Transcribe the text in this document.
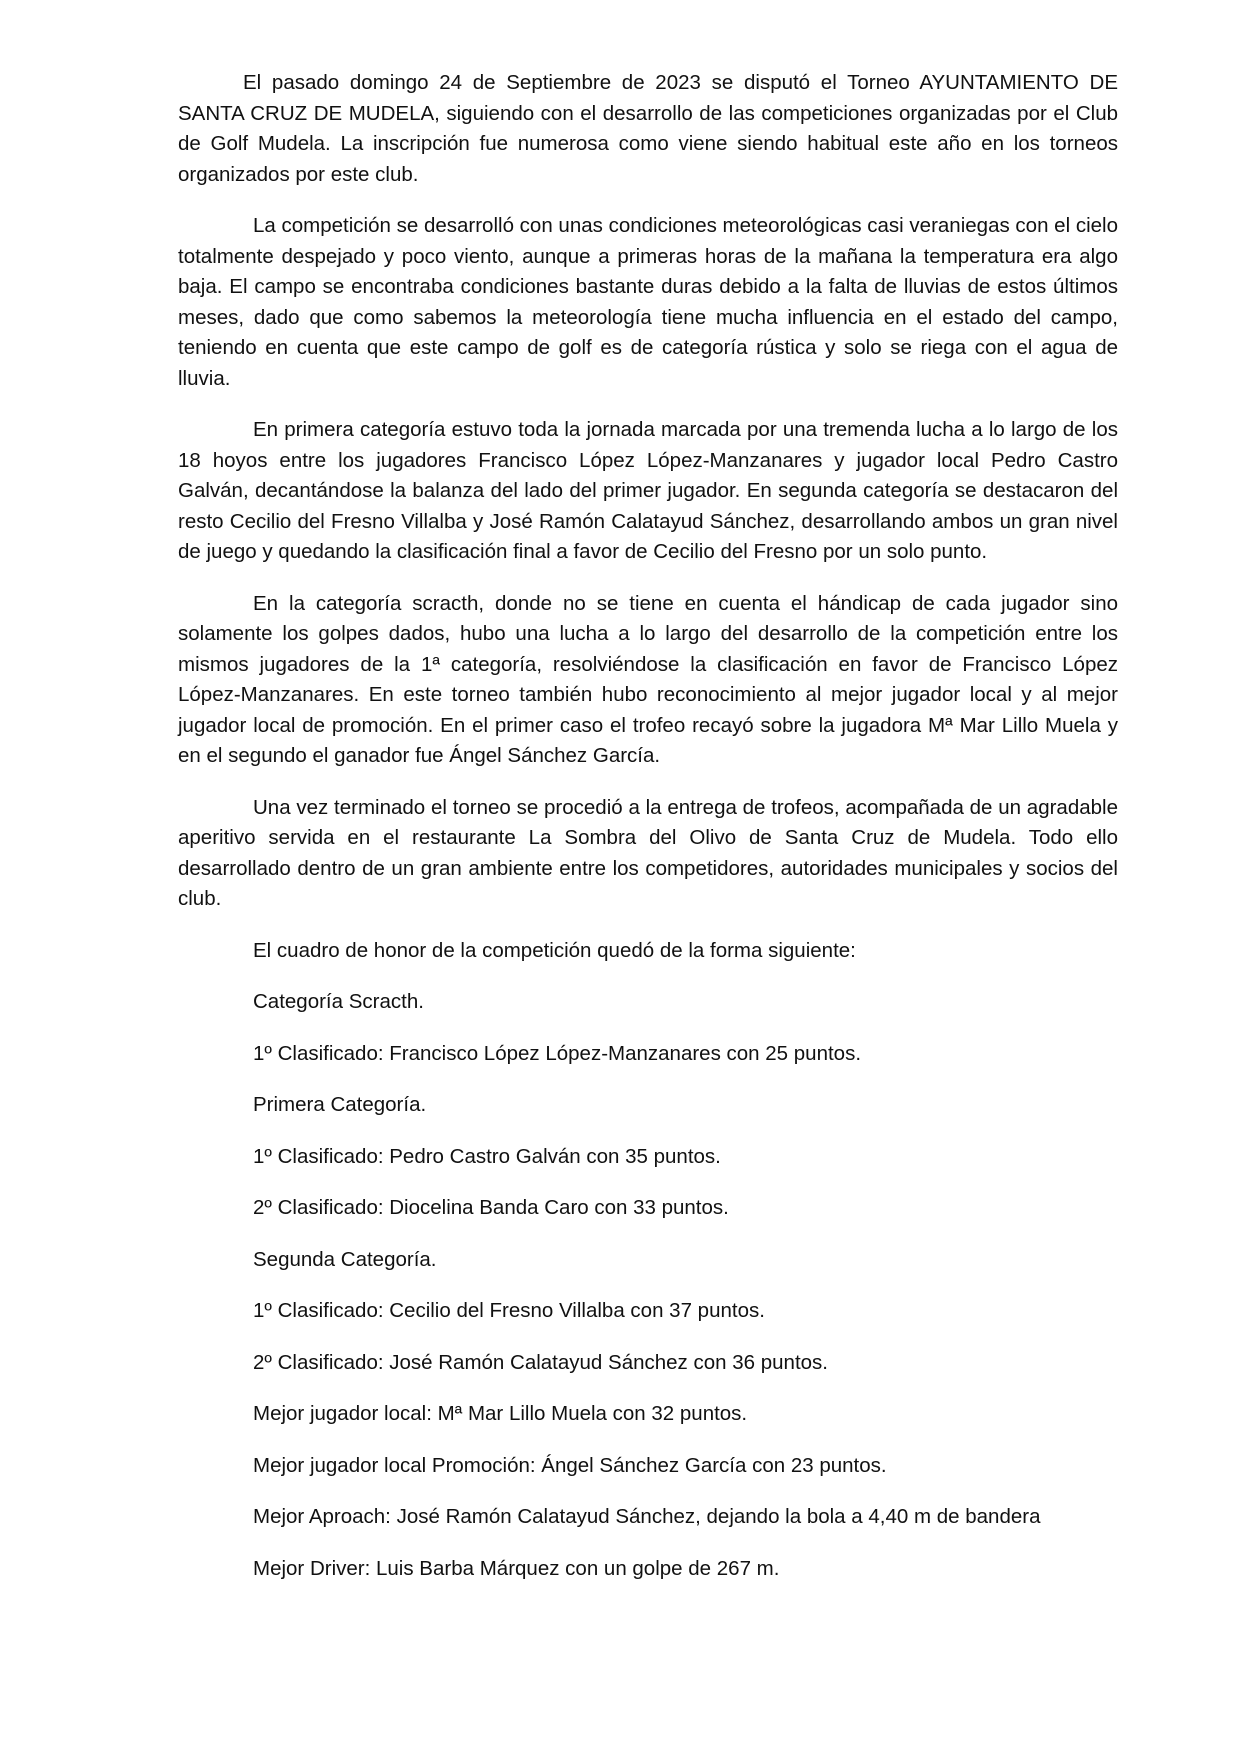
El pasado domingo 24 de Septiembre de 2023 se disputó el Torneo AYUNTAMIENTO DE SANTA CRUZ DE MUDELA, siguiendo con el desarrollo de las competiciones organizadas por el Club de Golf Mudela. La inscripción fue numerosa como viene siendo habitual este año en los torneos organizados por este club.

La competición se desarrolló con unas condiciones meteorológicas casi veraniegas con el cielo totalmente despejado y poco viento, aunque a primeras horas de la mañana la temperatura era algo baja. El campo se encontraba condiciones bastante duras debido a la falta de lluvias de estos últimos meses, dado que como sabemos la meteorología tiene mucha influencia en el estado del campo, teniendo en cuenta que este campo de golf es de categoría rústica y solo se riega con el agua de lluvia.

En primera categoría estuvo toda la jornada marcada por una tremenda lucha a lo largo de los 18 hoyos entre los jugadores Francisco López López-Manzanares y jugador local Pedro Castro Galván, decantándose la balanza del lado del primer jugador. En segunda categoría se destacaron del resto Cecilio del Fresno Villalba y José Ramón Calatayud Sánchez, desarrollando ambos un gran nivel de juego y quedando la clasificación final a favor de Cecilio del Fresno por un solo punto.

En la categoría scracth, donde no se tiene en cuenta el hándicap de cada jugador sino solamente los golpes dados, hubo una lucha a lo largo del desarrollo de la competición entre los mismos jugadores de la 1ª categoría, resolviéndose la clasificación en favor de Francisco López López-Manzanares. En este torneo también hubo reconocimiento al mejor jugador local y al mejor jugador local de promoción. En el primer caso el trofeo recayó sobre la jugadora Mª Mar Lillo Muela y en el segundo el ganador fue Ángel Sánchez García.

Una vez terminado el torneo se procedió a la entrega de trofeos, acompañada de un agradable aperitivo servida en el restaurante La Sombra del Olivo de Santa Cruz de Mudela. Todo ello desarrollado dentro de un gran ambiente entre los competidores, autoridades municipales y socios del club.

El cuadro de honor de la competición quedó de la forma siguiente:

Categoría Scracth.

1º Clasificado: Francisco López López-Manzanares con 25 puntos.

Primera Categoría.

1º Clasificado: Pedro Castro Galván con 35 puntos.

2º Clasificado: Diocelina Banda Caro con 33 puntos.

Segunda Categoría.

1º Clasificado: Cecilio del Fresno Villalba con 37 puntos.

2º Clasificado: José Ramón Calatayud Sánchez con 36 puntos.

Mejor jugador local: Mª Mar Lillo Muela con 32 puntos.

Mejor jugador local Promoción: Ángel Sánchez García con 23 puntos.

Mejor Aproach: José Ramón Calatayud Sánchez, dejando la bola a 4,40 m de bandera

Mejor Driver: Luis Barba Márquez con un golpe de 267 m.
